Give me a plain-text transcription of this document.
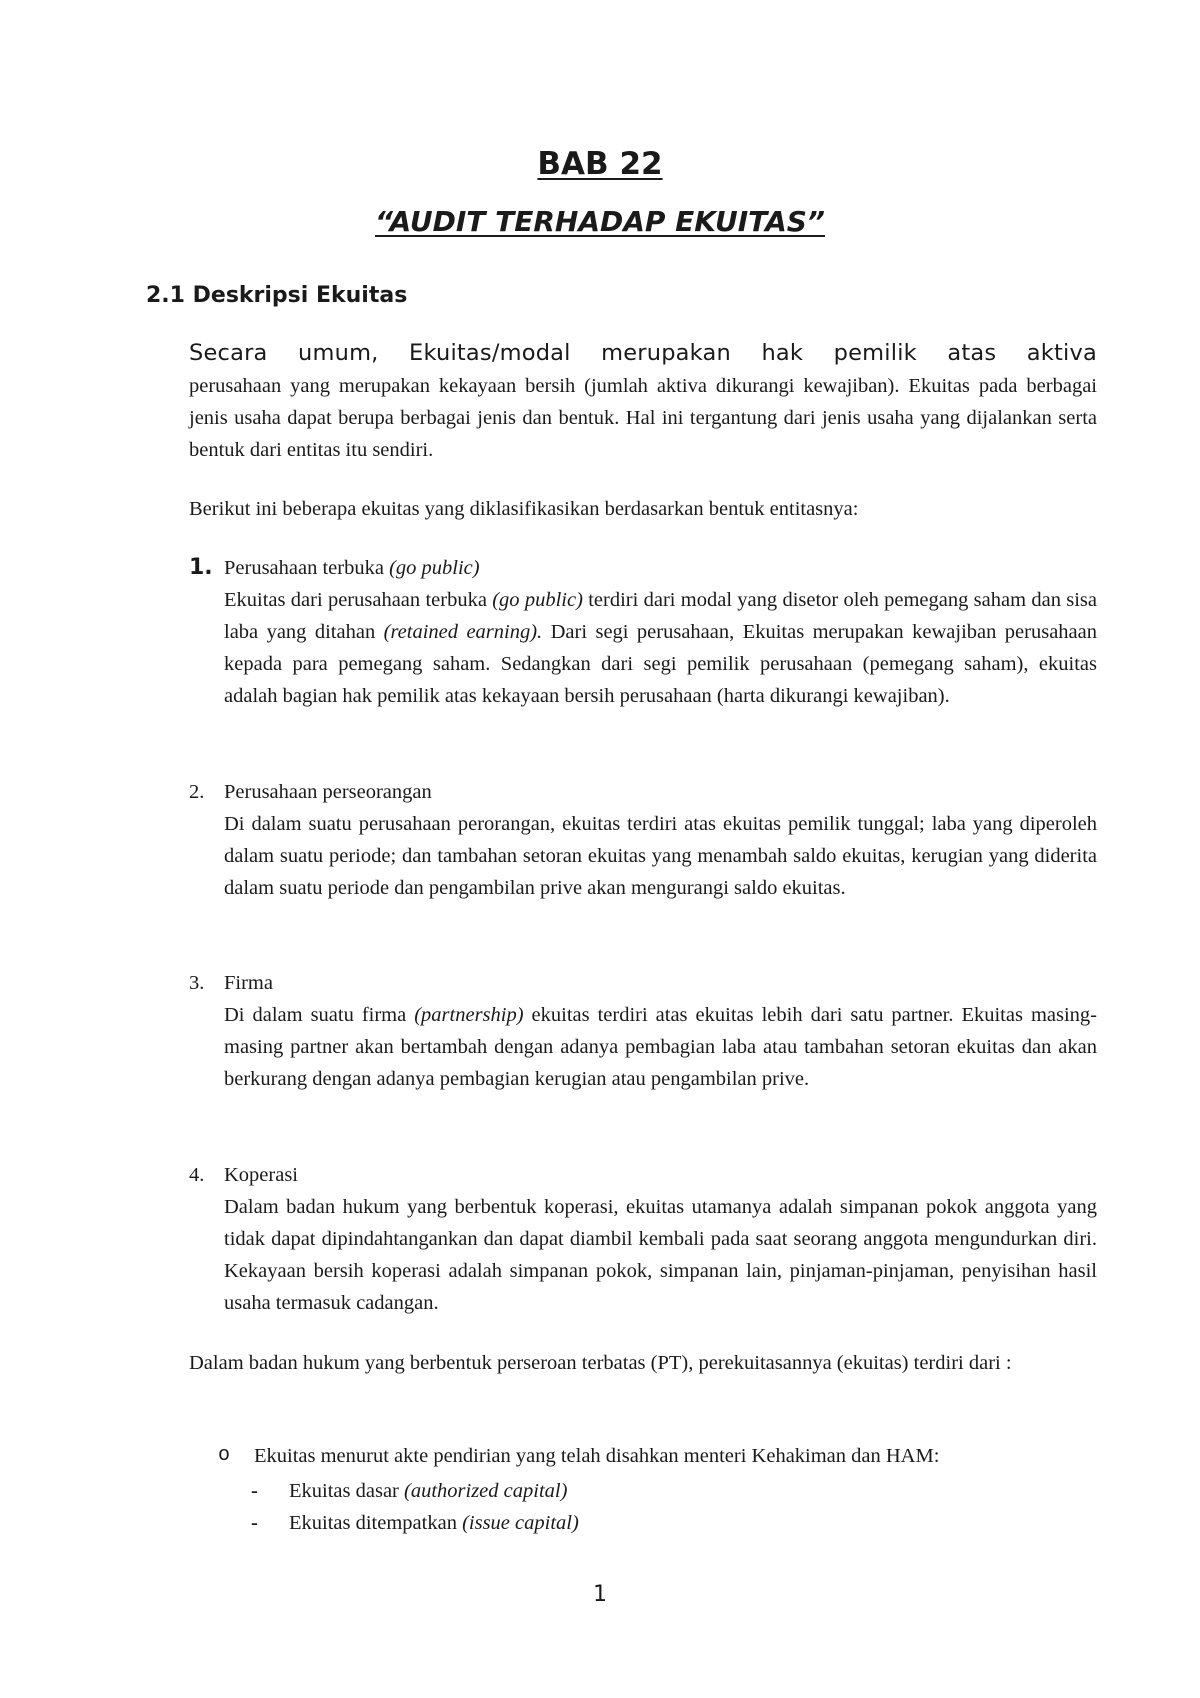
BAB 22
“AUDIT TERHADAP EKUITAS”
2.1 Deskripsi Ekuitas
Secara umum, Ekuitas/modal merupakan hak pemilik atas aktiva
perusahaan yang merupakan kekayaan bersih (jumlah aktiva dikurangi kewajiban). Ekuitas pada berbagai jenis usaha dapat berupa berbagai jenis dan bentuk. Hal ini tergantung dari jenis usaha yang dijalankan serta bentuk dari entitas itu sendiri.
Berikut ini beberapa ekuitas yang diklasifikasikan berdasarkan bentuk entitasnya:
1. Perusahaan terbuka (go public)
Ekuitas dari perusahaan terbuka (go public) terdiri dari modal yang disetor oleh pemegang saham dan sisa laba yang ditahan (retained earning). Dari segi perusahaan, Ekuitas merupakan kewajiban perusahaan kepada para pemegang saham. Sedangkan dari segi pemilik perusahaan (pemegang saham), ekuitas adalah bagian hak pemilik atas kekayaan bersih perusahaan (harta dikurangi kewajiban).
2. Perusahaan perseorangan
Di dalam suatu perusahaan perorangan, ekuitas terdiri atas ekuitas pemilik tunggal; laba yang diperoleh dalam suatu periode; dan tambahan setoran ekuitas yang menambah saldo ekuitas, kerugian yang diderita dalam suatu periode dan pengambilan prive akan mengurangi saldo ekuitas.
3. Firma
Di dalam suatu firma (partnership) ekuitas terdiri atas ekuitas lebih dari satu partner. Ekuitas masing-masing partner akan bertambah dengan adanya pembagian laba atau tambahan setoran ekuitas dan akan berkurang dengan adanya pembagian kerugian atau pengambilan prive.
4. Koperasi
Dalam badan hukum yang berbentuk koperasi, ekuitas utamanya adalah simpanan pokok anggota yang tidak dapat dipindahtangankan dan dapat diambil kembali pada saat seorang anggota mengundurkan diri. Kekayaan bersih koperasi adalah simpanan pokok, simpanan lain, pinjaman-pinjaman, penyisihan hasil usaha termasuk cadangan.
Dalam badan hukum yang berbentuk perseroan terbatas (PT), perekuitasannya (ekuitas) terdiri dari :
o Ekuitas menurut akte pendirian yang telah disahkan menteri Kehakiman dan HAM:
- Ekuitas dasar (authorized capital)
- Ekuitas ditempatkan (issue capital)
1
